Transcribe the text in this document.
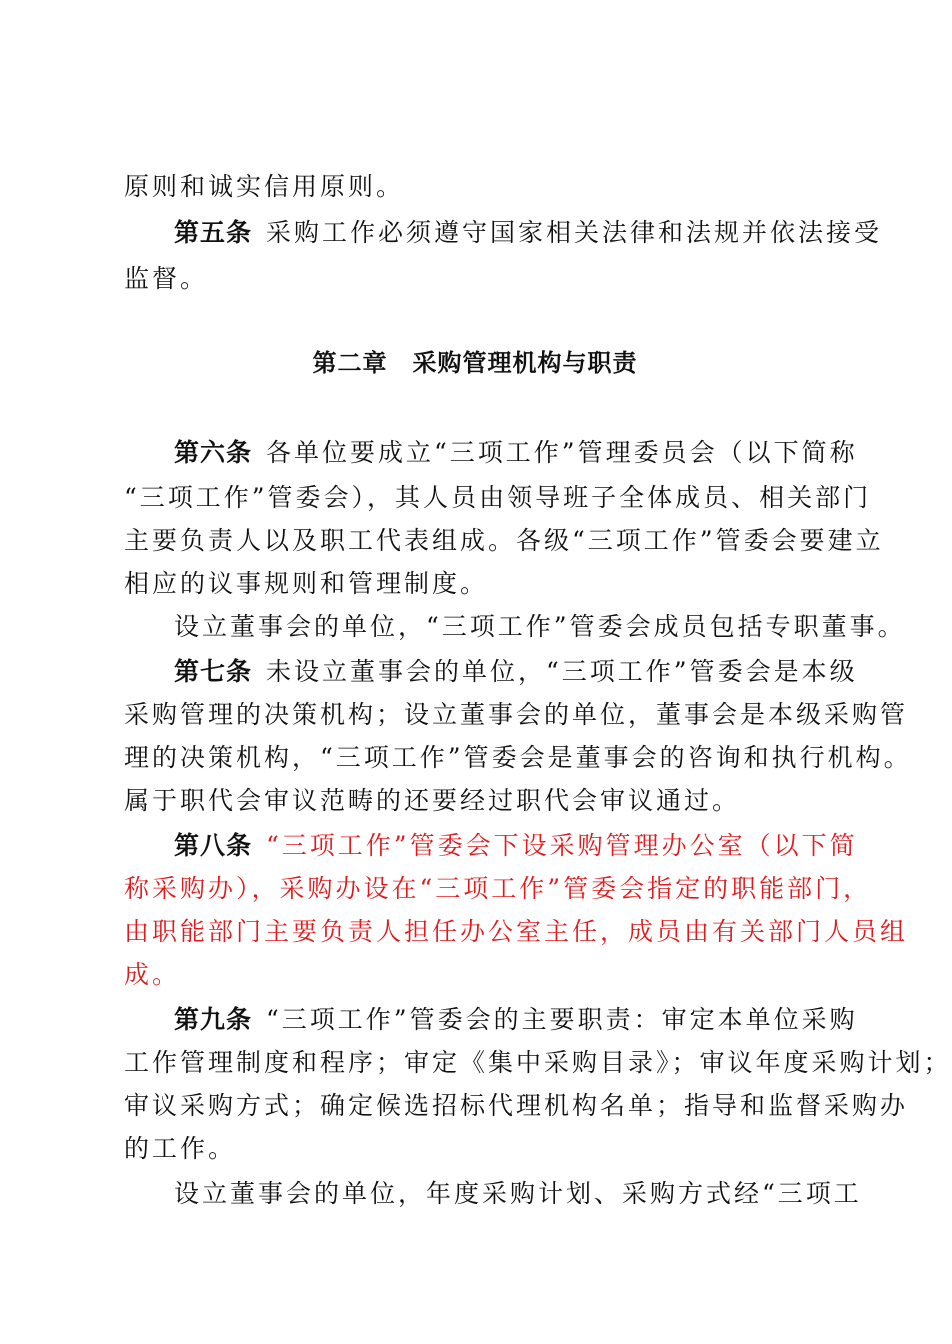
原则和诚实信用原则。
第五条 采购工作必须遵守国家相关法律和法规并依法接受
监督。
第二章　采购管理机构与职责
第六条 各单位要成立“三项工作”管理委员会（以下简称
“三项工作”管委会），其人员由领导班子全体成员、相关部门
主要负责人以及职工代表组成。各级“三项工作”管委会要建立
相应的议事规则和管理制度。
设立董事会的单位，“三项工作”管委会成员包括专职董事。
第七条 未设立董事会的单位，“三项工作”管委会是本级
采购管理的决策机构；设立董事会的单位，董事会是本级采购管
理的决策机构，“三项工作”管委会是董事会的咨询和执行机构。
属于职代会审议范畴的还要经过职代会审议通过。
第八条 “三项工作”管委会下设采购管理办公室（以下简
称采购办），采购办设在“三项工作”管委会指定的职能部门，
由职能部门主要负责人担任办公室主任，成员由有关部门人员组
成。
第九条 “三项工作”管委会的主要职责：审定本单位采购
工作管理制度和程序；审定《集中采购目录》；审议年度采购计划；
审议采购方式；确定候选招标代理机构名单；指导和监督采购办
的工作。
设立董事会的单位，年度采购计划、采购方式经“三项工
